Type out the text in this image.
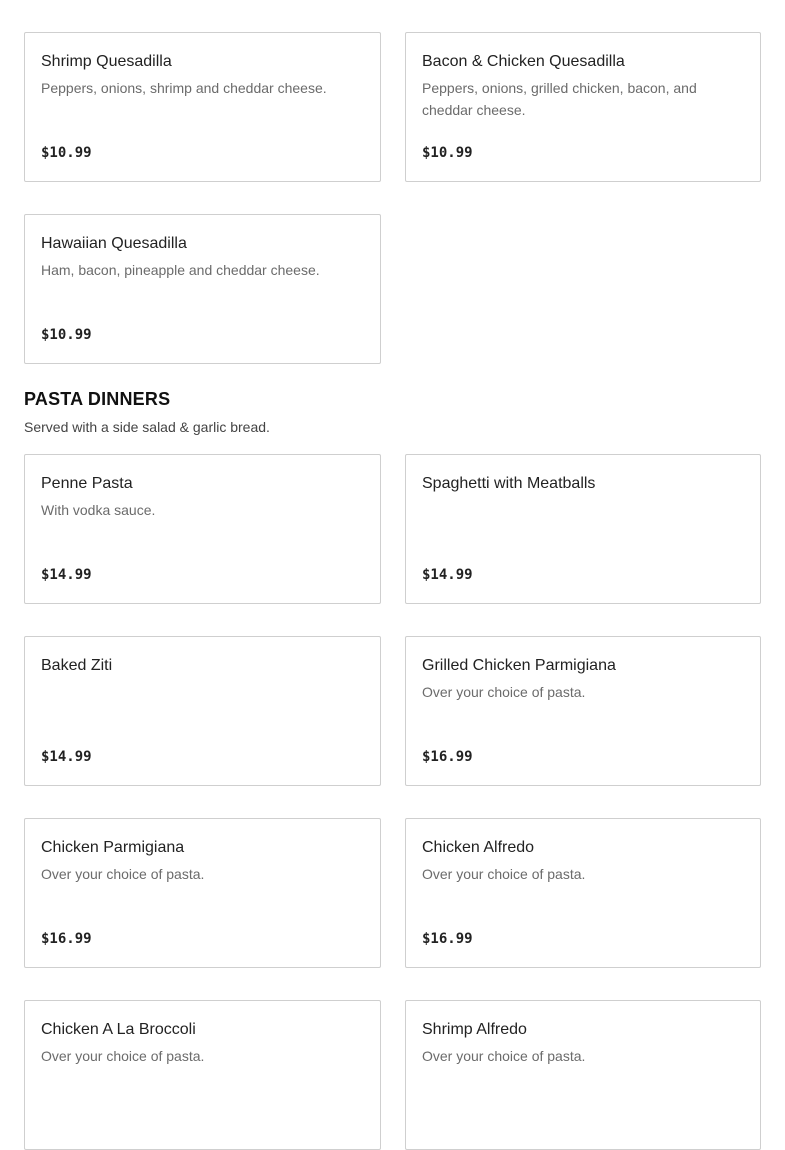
Shrimp Quesadilla
Peppers, onions, shrimp and cheddar cheese.
$10.99
Bacon & Chicken Quesadilla
Peppers, onions, grilled chicken, bacon, and cheddar cheese.
$10.99
Hawaiian Quesadilla
Ham, bacon, pineapple and cheddar cheese.
$10.99
PASTA DINNERS
Served with a side salad & garlic bread.
Penne Pasta
With vodka sauce.
$14.99
Spaghetti with Meatballs
$14.99
Baked Ziti
$14.99
Grilled Chicken Parmigiana
Over your choice of pasta.
$16.99
Chicken Parmigiana
Over your choice of pasta.
$16.99
Chicken Alfredo
Over your choice of pasta.
$16.99
Chicken A La Broccoli
Over your choice of pasta.
Shrimp Alfredo
Over your choice of pasta.
